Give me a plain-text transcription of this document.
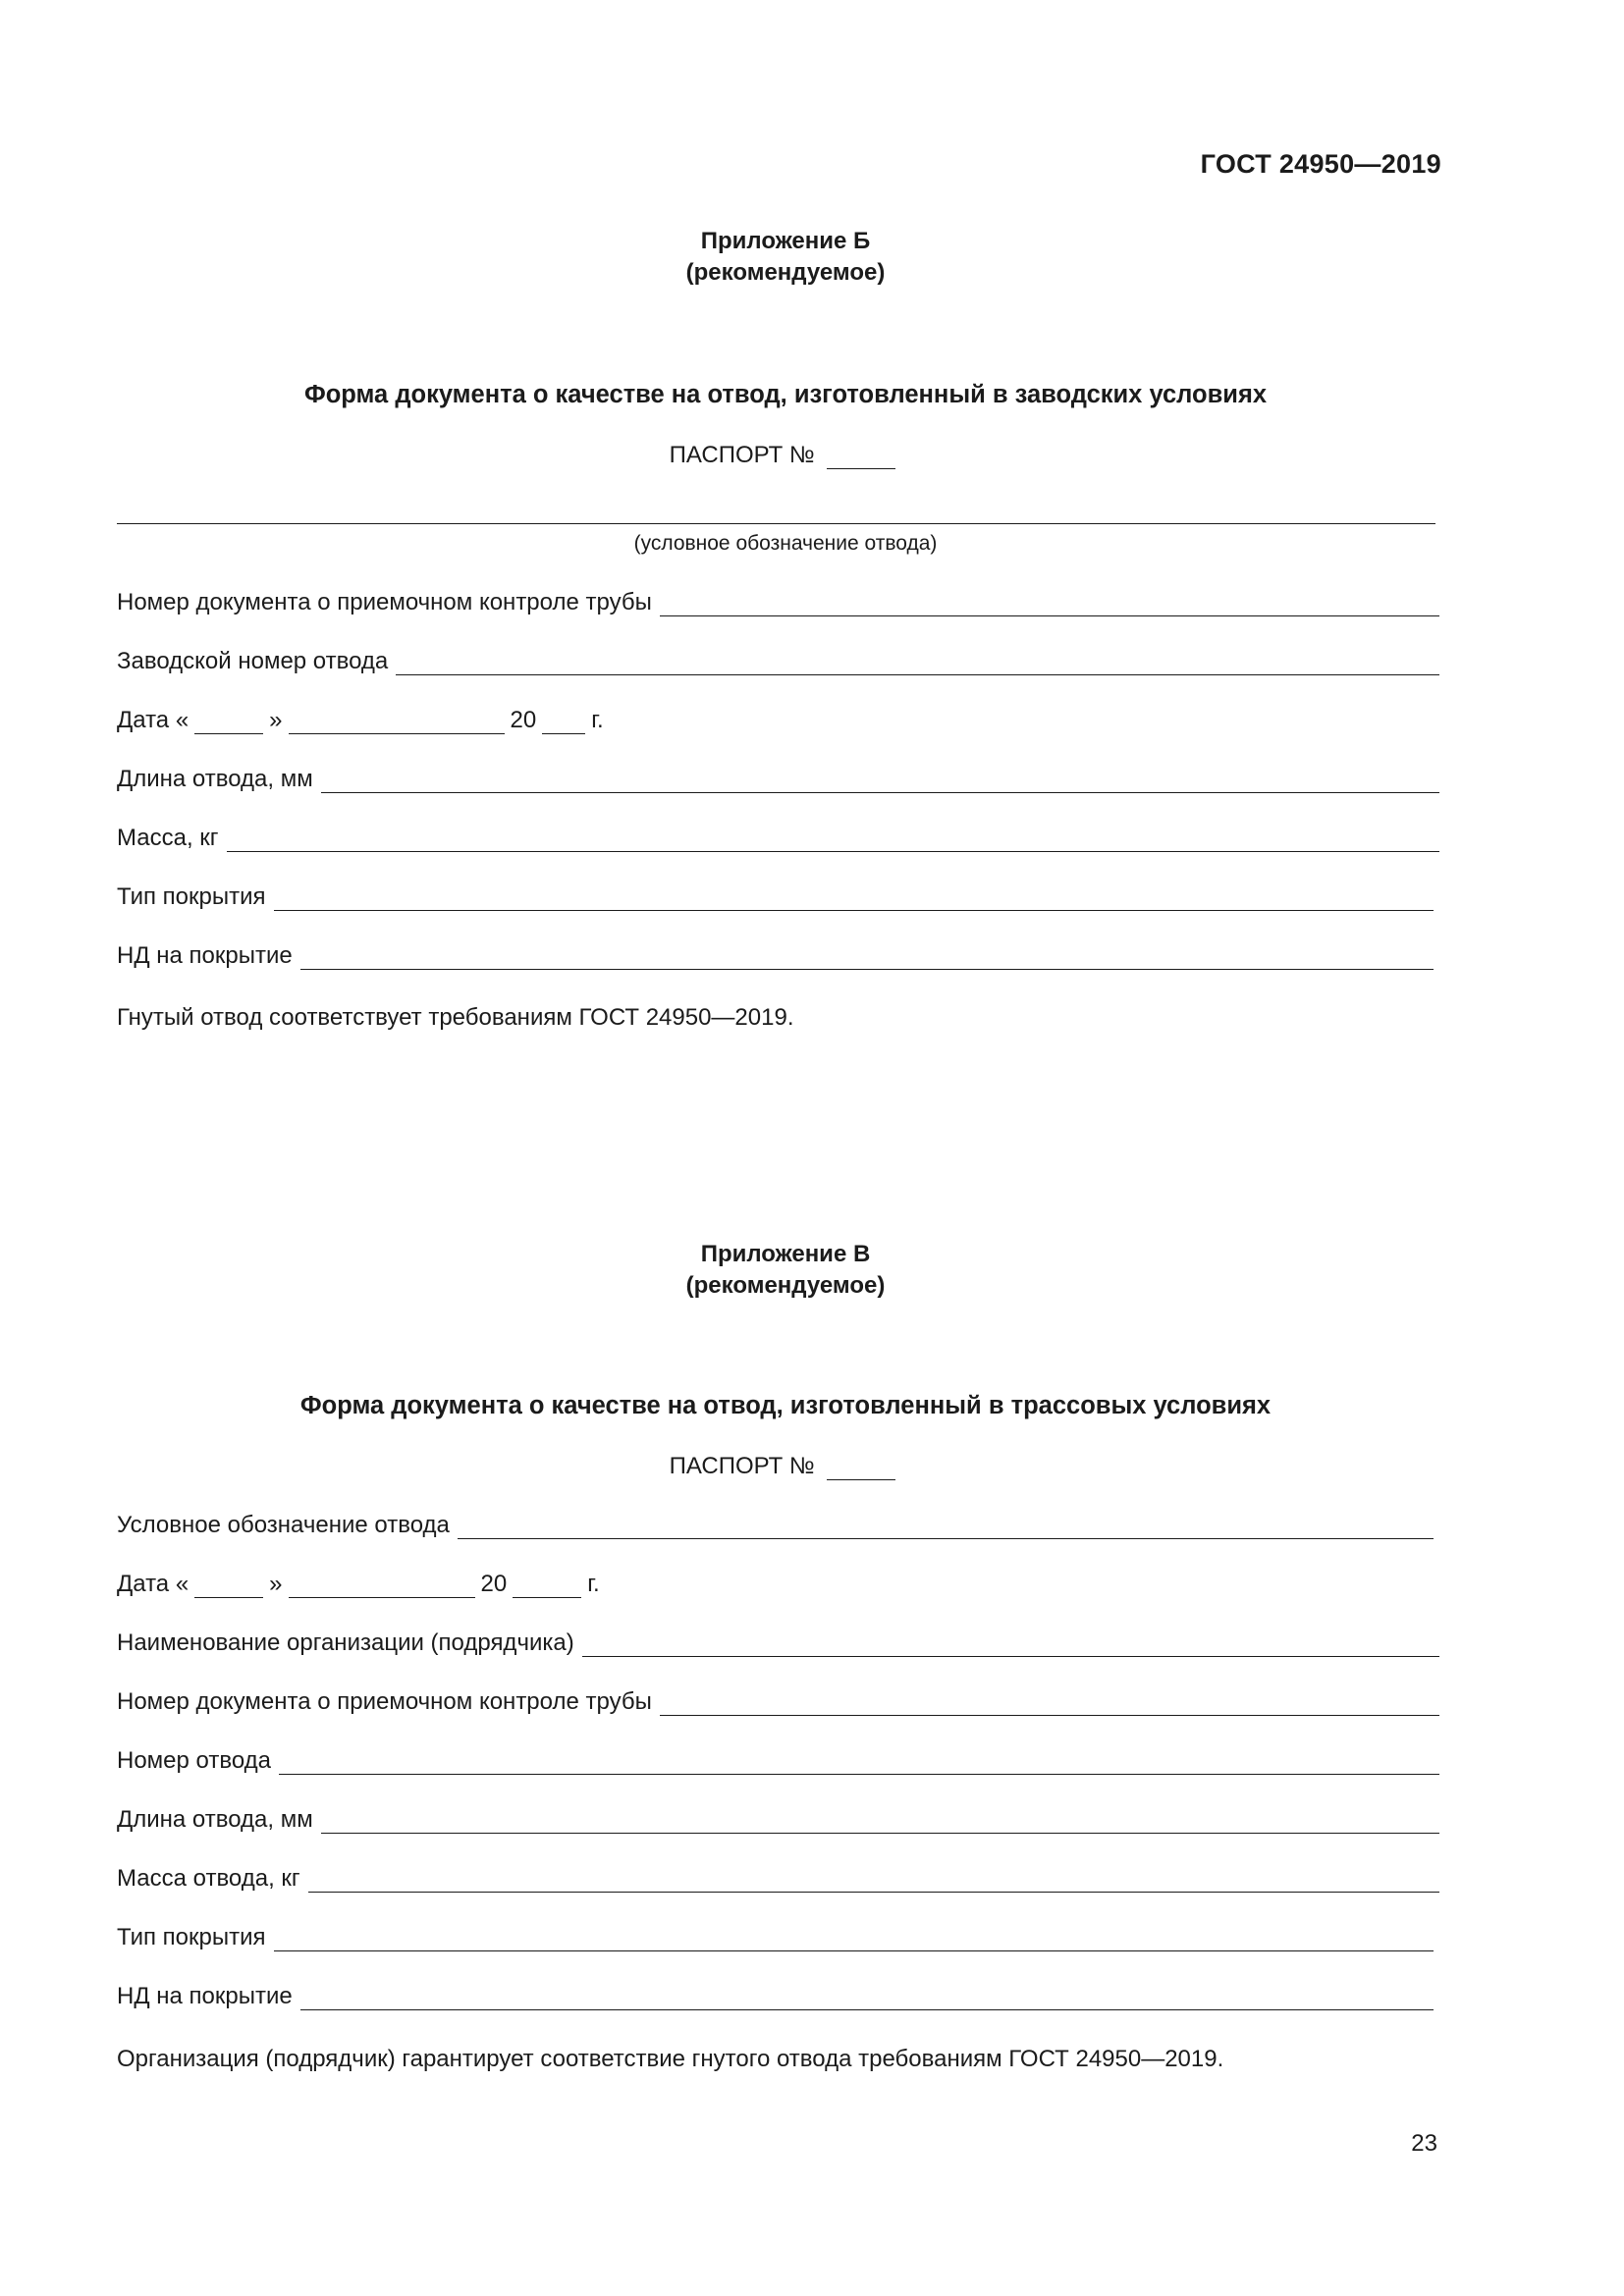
ГОСТ 24950—2019
Приложение Б
(рекомендуемое)
Форма документа о качестве на отвод, изготовленный в заводских условиях
ПАСПОРТ №
(условное обозначение отвода)
Номер документа о приемочном контроле трубы
Заводской номер отвода
Дата «	»	20 г.
Длина отвода, мм
Масса, кг
Тип покрытия
НД на покрытие
Гнутый отвод соответствует требованиям ГОСТ 24950—2019.
Приложение В
(рекомендуемое)
Форма документа о качестве на отвод, изготовленный в трассовых условиях
ПАСПОРТ №
Условное обозначение отвода
Дата «	»	20	г.
Наименование организации (подрядчика)
Номер документа о приемочном контроле трубы
Номер отвода
Длина отвода, мм
Масса отвода, кг
Тип покрытия
НД на покрытие
Организация (подрядчик) гарантирует соответствие гнутого отвода требованиям ГОСТ 24950—2019.
23
